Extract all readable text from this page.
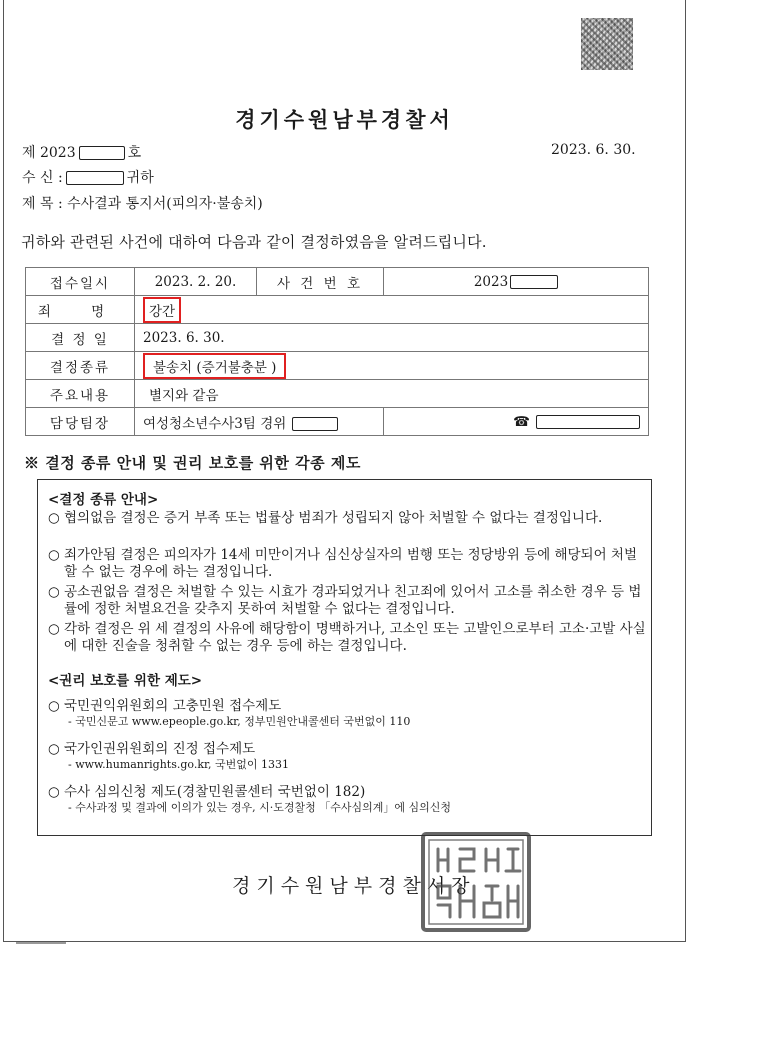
경기수원남부경찰서
제 2023	호	2023. 6. 30.
수 신 :	귀하
제 목 : 수사결과 통지서(피의자·불송치)
귀하와 관련된 사건에 대하여 다음과 같이 결정하였음을 알려드립니다.
접수일시	2023. 2. 20.	사 건 번 호	2023
죄 명	강간		
결 정 일	2023. 6. 30.		
결정종류	불송치 (증거불충분 )		
주요내용	별지와 같음		
담당팀장	여성청소년수사3팀 경위		☎
※ 결정 종류 안내 및 권리 보호를 위한 각종 제도
<결정 종류 안내>
○ 협의없음 결정은 증거 부족 또는 법률상 범죄가 성립되지 않아 처벌할 수 없다는 결정입니다.
○ 죄가안됨 결정은 피의자가 14세 미만이거나 심신상실자의 범행 또는 정당방위 등에 해당되어 처벌할 수 없는 경우에 하는 결정입니다.
○ 공소권없음 결정은 처벌할 수 있는 시효가 경과되었거나 친고죄에 있어서 고소를 취소한 경우 등 법률에 정한 처벌요건을 갖추지 못하여 처벌할 수 없다는 결정입니다.
○ 각하 결정은 위 세 결정의 사유에 해당함이 명백하거나, 고소인 또는 고발인으로부터 고소·고발 사실에 대한 진술을 청취할 수 없는 경우 등에 하는 결정입니다.
<권리 보호를 위한 제도>
○ 국민권익위원회의 고충민원 접수제도
- 국민신문고 www.epeople.go.kr, 정부민원안내콜센터 국번없이 110
○ 국가인권위원회의 진정 접수제도
- www.humanrights.go.kr, 국번없이 1331
○ 수사 심의신청 제도(경찰민원콜센터 국번없이 182)
- 수사과정 및 결과에 이의가 있는 경우, 시·도경찰청 「수사심의계」에 심의신청
경기수원남부경찰서장
